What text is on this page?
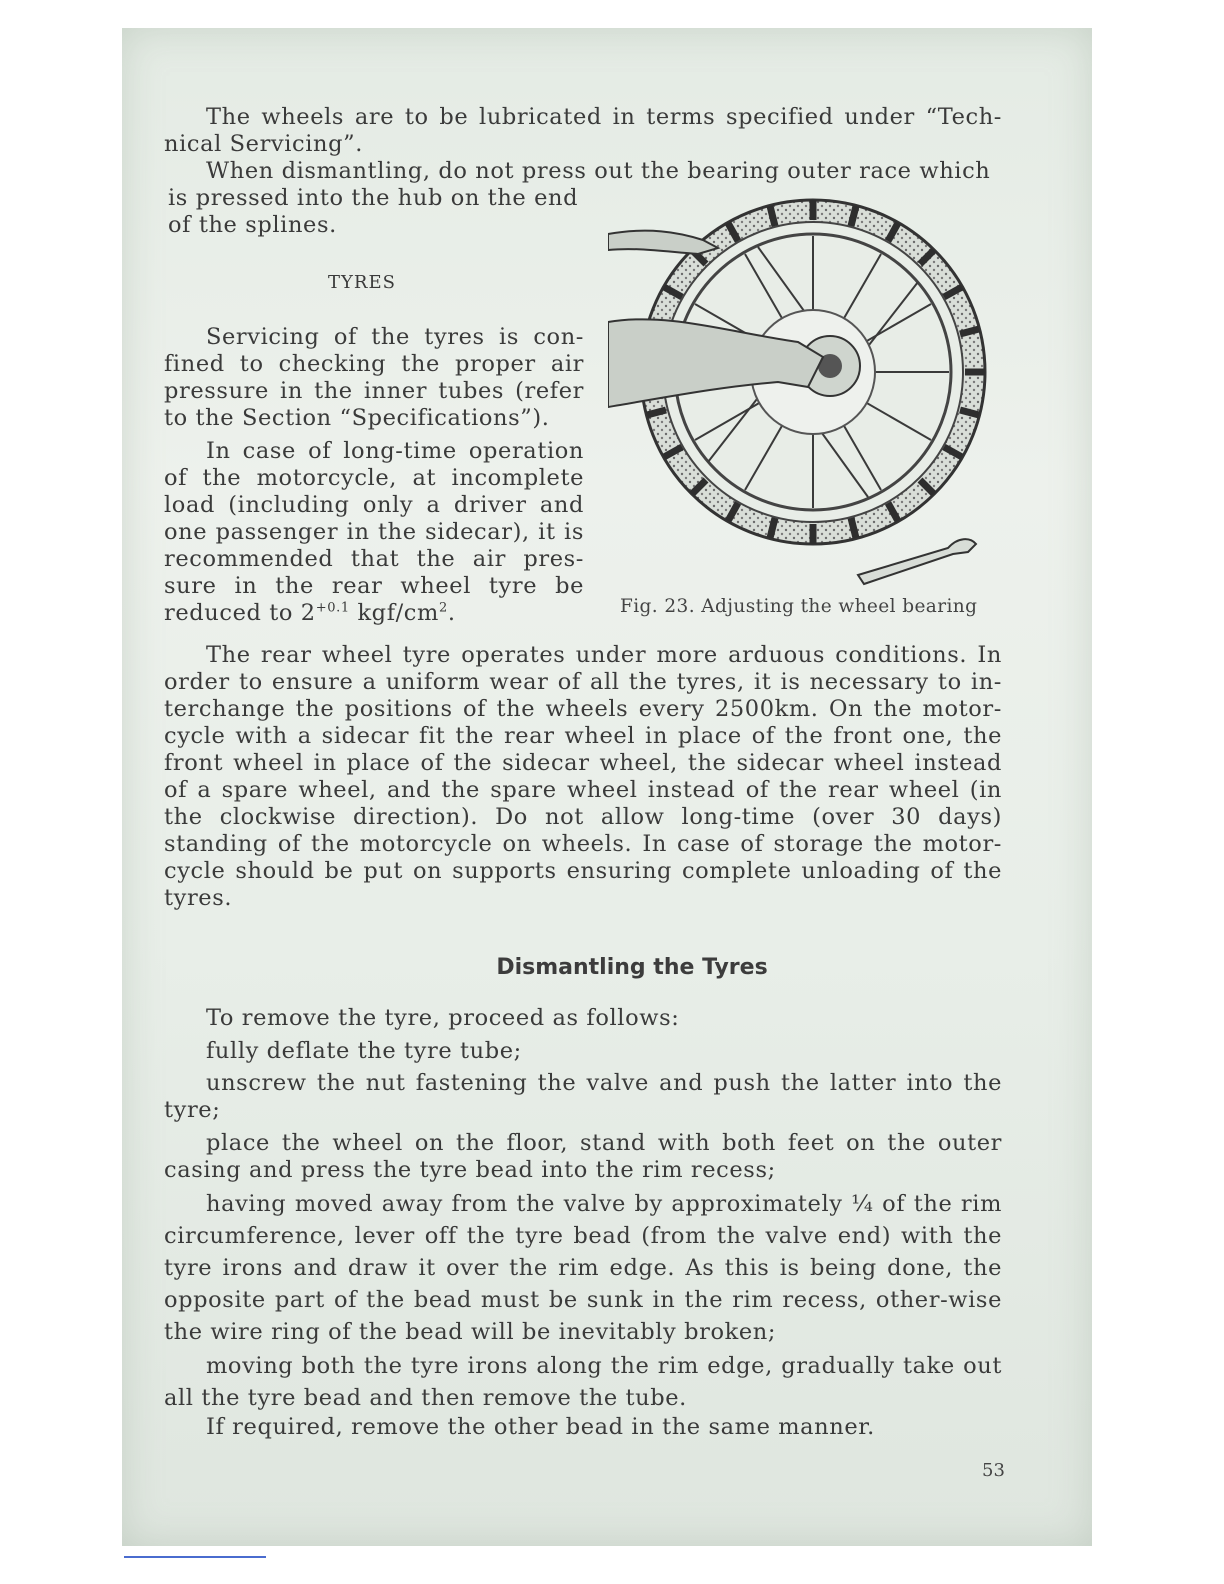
The wheels are to be lubricated in terms specified under “Tech-nical Servicing”.

When dismantling, do not press out the bearing outer race which

is pressed into the hub on the end of the splines.

TYRES

Servicing of the tyres is con-fined to checking the proper air pressure in the inner tubes (refer to the Section “Specifications”).

In case of long-time operation of the motorcycle, at incomplete load (including only a driver and one passenger in the sidecar), it is recommended that the air pres-sure in the rear wheel tyre be reduced to $2^{+0.1}$ kgf/$cm^2$.	Fig. 23. Adjusting the wheel bearing

The rear wheel tyre operates under more arduous conditions. In order to ensure a uniform wear of all the tyres, it is necessary to in-terchange the positions of the wheels every 2500km. On the motor-cycle with a sidecar fit the rear wheel in place of the front one, the front wheel in place of the sidecar wheel, the sidecar wheel instead of a spare wheel, and the spare wheel instead of the rear wheel (in the clockwise direction). Do not allow long-time (over 30 days) standing of the motorcycle on wheels. In case of storage the motor-cycle should be put on supports ensuring complete unloading of the tyres.

Dismantling the Tyres

To remove the tyre, proceed as follows:

fully deflate the tyre tube;

unscrew the nut fastening the valve and push the latter into the tyre;

place the wheel on the floor, stand with both feet on the outer casing and press the tyre bead into the rim recess;

having moved away from the valve by approximately ¼ of the rim circumference, lever off the tyre bead (from the valve end) with the tyre irons and draw it over the rim edge. As this is being done, the opposite part of the bead must be sunk in the rim recess, other-wise the wire ring of the bead will be inevitably broken;

moving both the tyre irons along the rim edge, gradually take out all the tyre bead and then remove the tube.

If required, remove the other bead in the same manner.

53
